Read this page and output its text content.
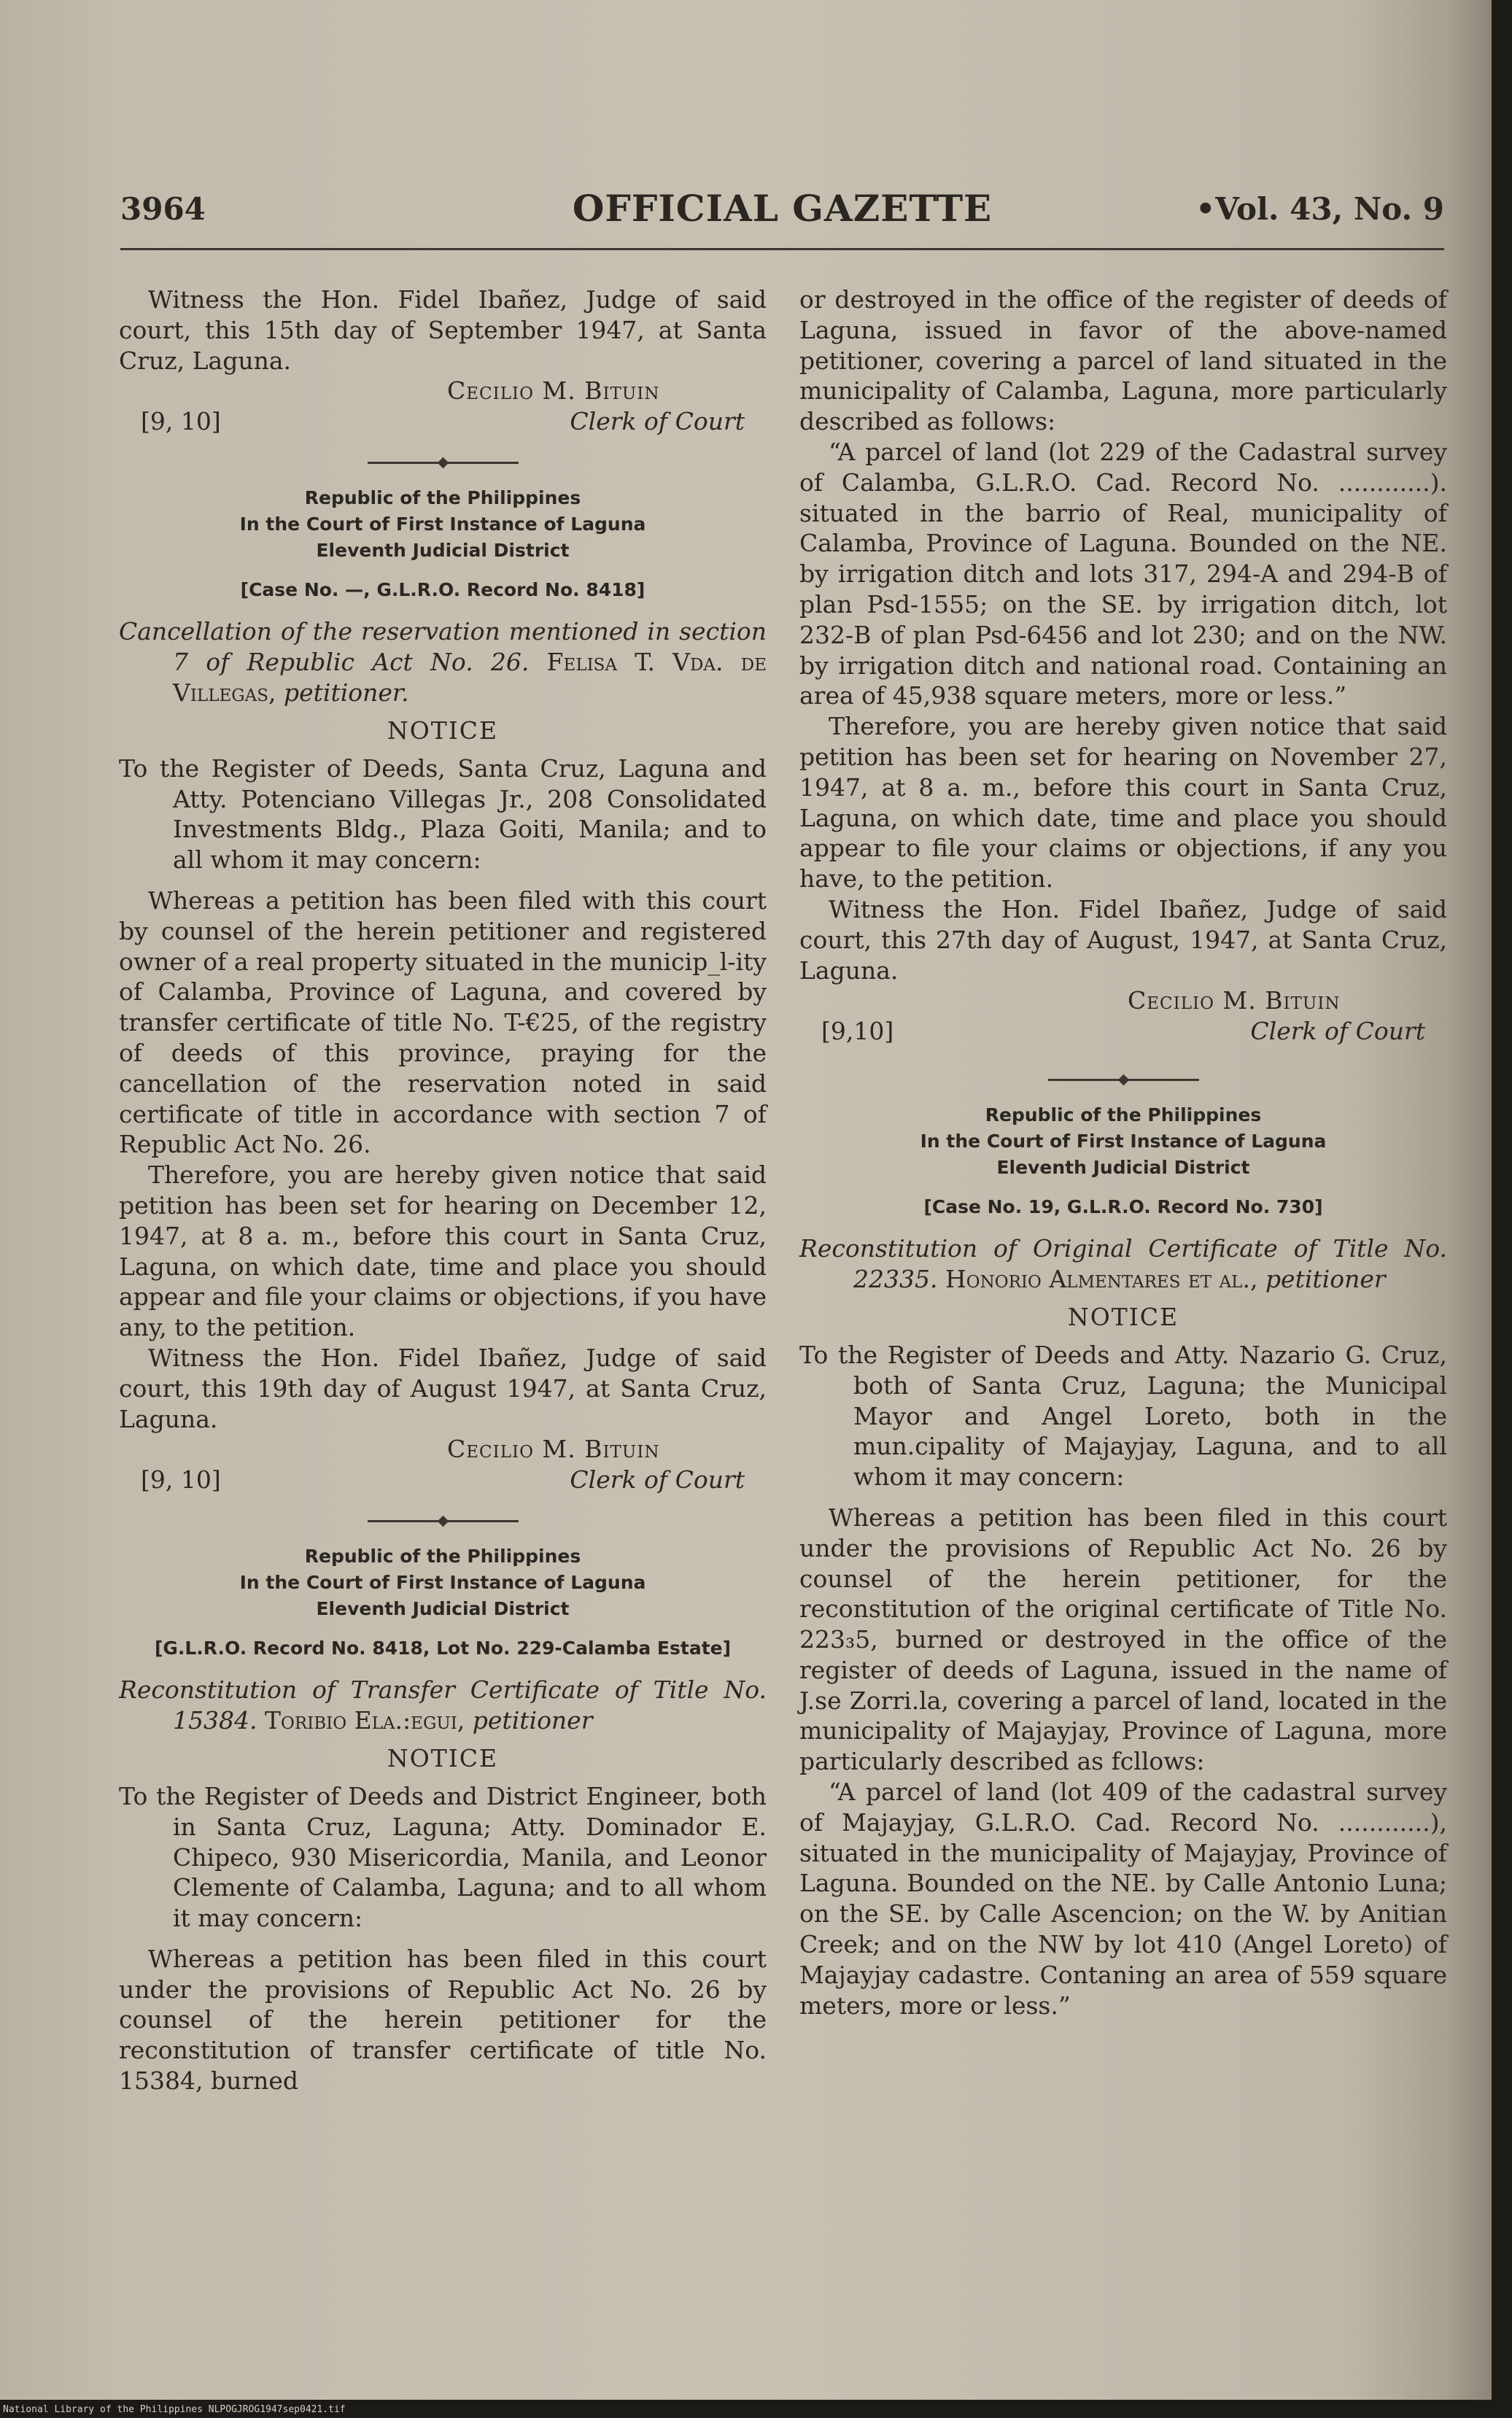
3964	OFFICIAL GAZETTE	•Vol. 43, No. 9

Witness the Hon. Fidel Ibañez, Judge of said court, this 15th day of September 1947, at Santa Cruz, Laguna.

Cecilio M. Bituin
[9, 10]	Clerk of Court
Republic of the Philippines
In the Court of First Instance of Laguna
Eleventh Judicial District
[Case No. —, G.L.R.O. Record No. 8418]

Cancellation of the reservation mentioned in section 7 of Republic Act No. 26. Felisa T. Vda. de Villegas, petitioner.

NOTICE

To the Register of Deeds, Santa Cruz, Laguna and Atty. Potenciano Villegas Jr., 208 Consolidated Investments Bldg., Plaza Goiti, Manila; and to all whom it may concern:

Whereas a petition has been filed with this court by counsel of the herein petitioner and registered owner of a real property situated in the municip_l-ity of Calamba, Province of Laguna, and covered by transfer certificate of title No. T-€25, of the registry of deeds of this province, praying for the cancellation of the reservation noted in said certificate of title in accordance with section 7 of Republic Act No. 26.

Therefore, you are hereby given notice that said petition has been set for hearing on December 12, 1947, at 8 a. m., before this court in Santa Cruz, Laguna, on which date, time and place you should appear and file your claims or objections, if you have any, to the petition.

Witness the Hon. Fidel Ibañez, Judge of said court, this 19th day of August 1947, at Santa Cruz, Laguna.

Cecilio M. Bituin
[9, 10]	Clerk of Court
Republic of the Philippines
In the Court of First Instance of Laguna
Eleventh Judicial District
[G.L.R.O. Record No. 8418, Lot No. 229-Calamba Estate]

Reconstitution of Transfer Certificate of Title No. 15384. Toribio Ela.:egui, petitioner

NOTICE

To the Register of Deeds and District Engineer, both in Santa Cruz, Laguna; Atty. Dominador E. Chipeco, 930 Misericordia, Manila, and Leonor Clemente of Calamba, Laguna; and to all whom it may concern:

Whereas a petition has been filed in this court under the provisions of Republic Act No. 26 by counsel of the herein petitioner for the reconstitution of transfer certificate of title No. 15384, burned

or destroyed in the office of the register of deeds of Laguna, issued in favor of the above-named petitioner, covering a parcel of land situated in the municipality of Calamba, Laguna, more particularly described as follows:

“A parcel of land (lot 229 of the Cadastral survey of Calamba, G.L.R.O. Cad. Record No. ............). situated in the barrio of Real, municipality of Calamba, Province of Laguna. Bounded on the NE. by irrigation ditch and lots 317, 294-A and 294-B of plan Psd-1555; on the SE. by irrigation ditch, lot 232-B of plan Psd-6456 and lot 230; and on the NW. by irrigation ditch and national road. Containing an area of 45,938 square meters, more or less.”

Therefore, you are hereby given notice that said petition has been set for hearing on November 27, 1947, at 8 a. m., before this court in Santa Cruz, Laguna, on which date, time and place you should appear to file your claims or objections, if any you have, to the petition.

Witness the Hon. Fidel Ibañez, Judge of said court, this 27th day of August, 1947, at Santa Cruz, Laguna.

Cecilio M. Bituin
[9,10]	Clerk of Court
Republic of the Philippines
In the Court of First Instance of Laguna
Eleventh Judicial District
[Case No. 19, G.L.R.O. Record No. 730]

Reconstitution of Original Certificate of Title No. 22335. Honorio Almentares et al., petitioner

NOTICE

To the Register of Deeds and Atty. Nazario G. Cruz, both of Santa Cruz, Laguna; the Municipal Mayor and Angel Loreto, both in the mun.cipality of Majayjay, Laguna, and to all whom it may concern:

Whereas a petition has been filed in this court under the provisions of Republic Act No. 26 by counsel of the herein petitioner, for the reconstitution of the original certificate of Title No. 223₃5, burned or destroyed in the office of the register of deeds of Laguna, issued in the name of J.se Zorri.la, covering a parcel of land, located in the municipality of Majayjay, Province of Laguna, more particularly described as fcllows:

“A parcel of land (lot 409 of the cadastral survey of Majayjay, G.L.R.O. Cad. Record No. ............), situated in the municipality of Majayjay, Province of Laguna. Bounded on the NE. by Calle Antonio Luna; on the SE. by Calle Ascencion; on the W. by Anitian Creek; and on the NW by lot 410 (Angel Loreto) of Majayjay cadastre. Contaning an area of 559 square meters, more or less.”

National Library of the Philippines NLPOGJROG1947sep0421.tif
